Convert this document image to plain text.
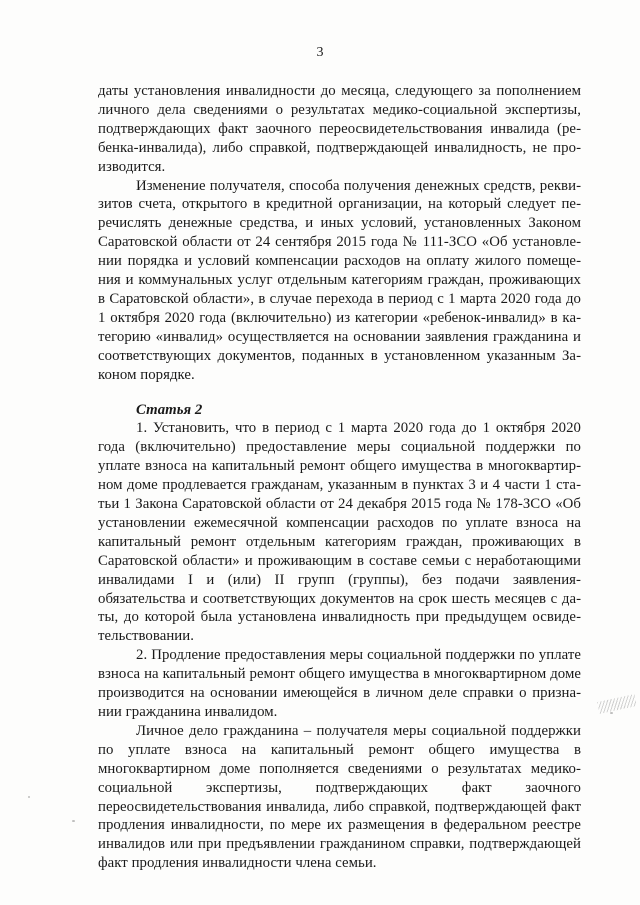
3

даты установления инвалидности до месяца, следующего за пополнением личного дела сведениями о результатах медико-социальной экспертизы, подтверждающих факт заочного переосвидетельствования инвалида (ребенка-инвалида), либо справкой, подтверждающей инвалидность, не производится.

Изменение получателя, способа получения денежных средств, реквизитов счета, открытого в кредитной организации, на который следует перечислять денежные средства, и иных условий, установленных Законом Саратовской области от 24 сентября 2015 года № 111-ЗСО «Об установлении порядка и условий компенсации расходов на оплату жилого помещения и коммунальных услуг отдельным категориям граждан, проживающих в Саратовской области», в случае перехода в период с 1 марта 2020 года до 1 октября 2020 года (включительно) из категории «ребенок-инвалид» в категорию «инвалид» осуществляется на основании заявления гражданина и соответствующих документов, поданных в установленном указанным Законом порядке.

Статья 2

1. Установить, что в период с 1 марта 2020 года до 1 октября 2020 года (включительно) предоставление меры социальной поддержки по уплате взноса на капитальный ремонт общего имущества в многоквартирном доме продлевается гражданам, указанным в пунктах 3 и 4 части 1 статьи 1 Закона Саратовской области от 24 декабря 2015 года № 178-ЗСО «Об установлении ежемесячной компенсации расходов по уплате взноса на капитальный ремонт отдельным категориям граждан, проживающих в Саратовской области» и проживающим в составе семьи с неработающими инвалидами I и (или) II групп (группы), без подачи заявления-обязательства и соответствующих документов на срок шесть месяцев с даты, до которой была установлена инвалидность при предыдущем освидетельствовании.

2. Продление предоставления меры социальной поддержки по уплате взноса на капитальный ремонт общего имущества в многоквартирном доме производится на основании имеющейся в личном деле справки о признании гражданина инвалидом.

Личное дело гражданина – получателя меры социальной поддержки по уплате взноса на капитальный ремонт общего имущества в многоквартирном доме пополняется сведениями о результатах медико-социальной экспертизы, подтверждающих факт заочного переосвидетельствования инвалида, либо справкой, подтверждающей факт продления инвалидности, по мере их размещения в федеральном реестре инвалидов или при предъявлении гражданином справки, подтверждающей факт продления инвалидности члена семьи.
